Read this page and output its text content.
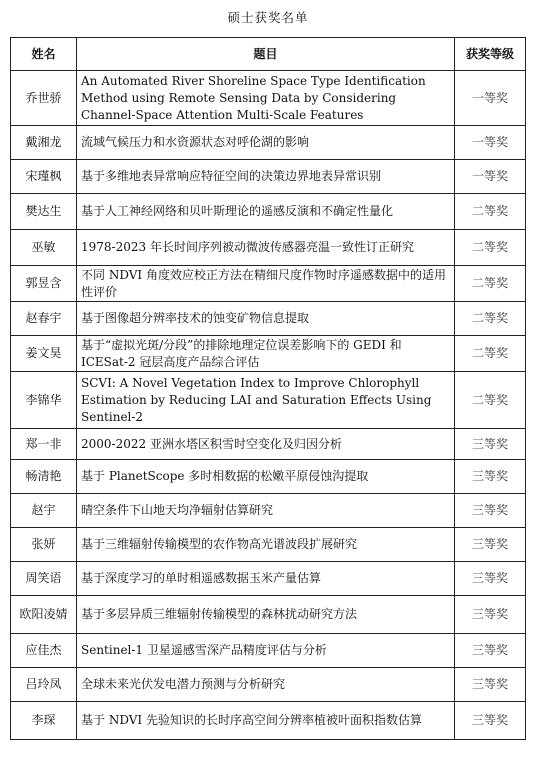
硕士获奖名单
姓名	题目	获奖等级
乔世骄	An Automated River Shoreline Space Type Identification Method using Remote Sensing Data by Considering Channel-Space Attention Multi-Scale Features	一等奖
戴湘龙	流域气候压力和水资源状态对呼伦湖的影响	一等奖
宋瑾枫	基于多维地表异常响应特征空间的决策边界地表异常识别	一等奖
樊达生	基于人工神经网络和贝叶斯理论的遥感反演和不确定性量化	二等奖
巫敏	1978-2023 年长时间序列被动微波传感器亮温一致性订正研究	二等奖
郭昱含	不同 NDVI 角度效应校正方法在精细尺度作物时序遥感数据中的适用性评价	二等奖
赵春宇	基于图像超分辨率技术的蚀变矿物信息提取	二等奖
姜文昊	基于“虚拟光斑/分段”的排除地理定位误差影响下的 GEDI 和 ICESat-2 冠层高度产品综合评估	二等奖
李锦华	SCVI: A Novel Vegetation Index to Improve Chlorophyll Estimation by Reducing LAI and Saturation Effects Using Sentinel-2	二等奖
郑一非	2000-2022 亚洲水塔区积雪时空变化及归因分析	三等奖
畅清艳	基于 PlanetScope 多时相数据的松嫩平原侵蚀沟提取	三等奖
赵宇	晴空条件下山地天均净辐射估算研究	三等奖
张妍	基于三维辐射传输模型的农作物高光谱波段扩展研究	三等奖
周笑语	基于深度学习的单时相遥感数据玉米产量估算	三等奖
欧阳凌婧	基于多层异质三维辐射传输模型的森林扰动研究方法	三等奖
应佳杰	Sentinel-1 卫星遥感雪深产品精度评估与分析	三等奖
吕玲凤	全球未来光伏发电潜力预测与分析研究	三等奖
李琛	基于 NDVI 先验知识的长时序高空间分辨率植被叶面积指数估算	三等奖
